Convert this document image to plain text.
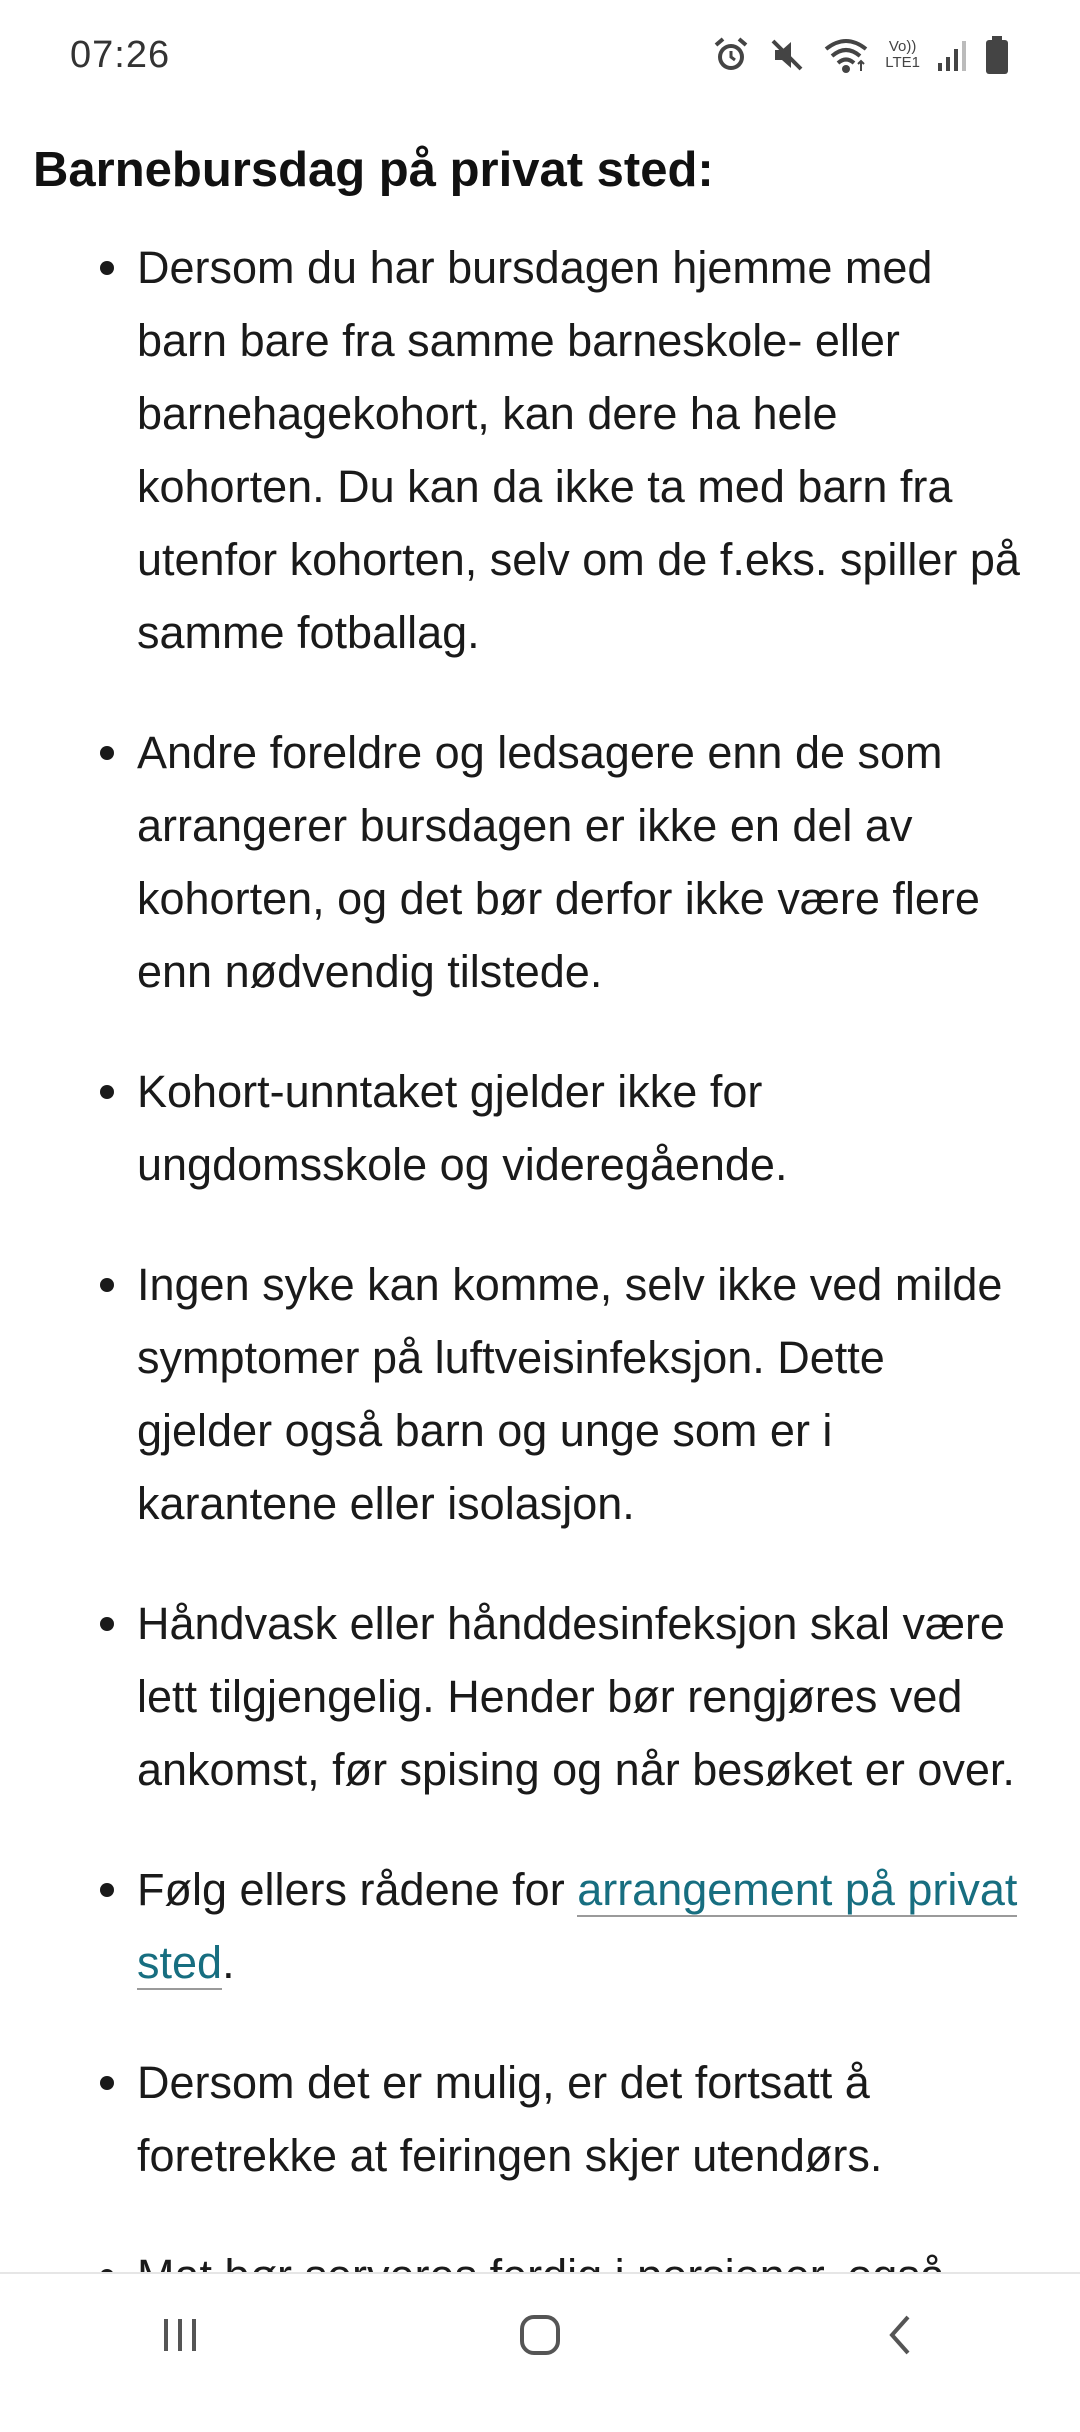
07:26	Vo))
LTE1
Barnebursdag på privat sted:
Dersom du har bursdagen hjemme med barn bare fra samme barneskole- eller barnehagekohort, kan dere ha hele kohorten. Du kan da ikke ta med barn fra utenfor kohorten, selv om de f.eks. spiller på samme fotballag.
Andre foreldre og ledsagere enn de som arrangerer bursdagen er ikke en del av kohorten, og det bør derfor ikke være flere enn nødvendig tilstede.
Kohort-unntaket gjelder ikke for ungdomsskole og videregående.
Ingen syke kan komme, selv ikke ved milde symptomer på luftveisinfeksjon. Dette gjelder også barn og unge som er i karantene eller isolasjon.
Håndvask eller hånddesinfeksjon skal være lett tilgjengelig. Hender bør rengjøres ved ankomst, før spising og når besøket er over.
Følg ellers rådene for arrangement på privat sted.
Dersom det er mulig, er det fortsatt å foretrekke at feiringen skjer utendørs.
